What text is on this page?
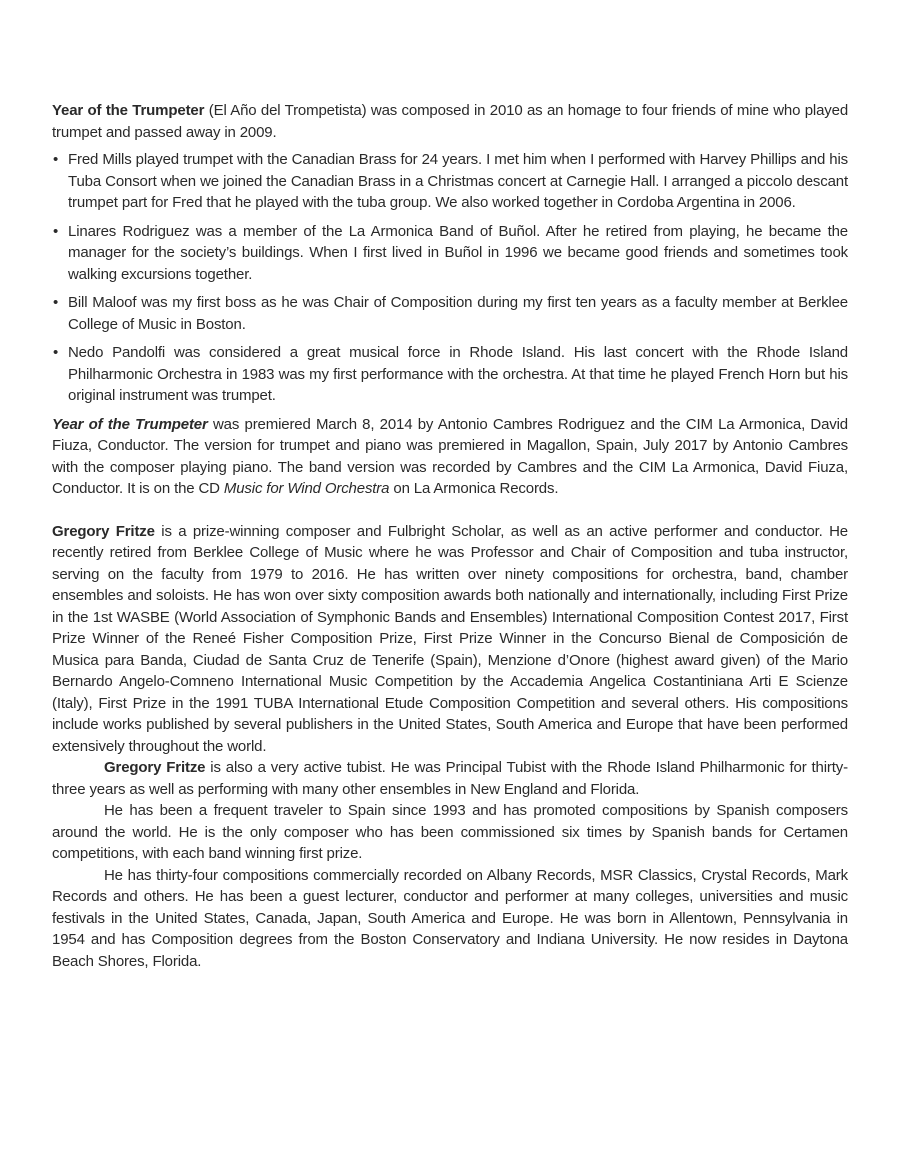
Year of the Trumpeter (El Año del Trompetista) was composed in 2010 as an homage to four friends of mine who played trumpet and passed away in 2009.

• Fred Mills played trumpet with the Canadian Brass for 24 years. I met him when I performed with Harvey Phillips and his Tuba Consort when we joined the Canadian Brass in a Christmas concert at Carnegie Hall. I arranged a piccolo descant trumpet part for Fred that he played with the tuba group. We also worked together in Cordoba Argentina in 2006.
• Linares Rodriguez was a member of the La Armonica Band of Buñol. After he retired from playing, he became the manager for the society’s buildings. When I first lived in Buñol in 1996 we became good friends and sometimes took walking excursions together.
• Bill Maloof was my first boss as he was Chair of Composition during my first ten years as a faculty member at Berklee College of Music in Boston.
• Nedo Pandolfi was considered a great musical force in Rhode Island. His last concert with the Rhode Island Philharmonic Orchestra in 1983 was my first performance with the orchestra. At that time he played French Horn but his original instrument was trumpet.

Year of the Trumpeter was premiered March 8, 2014 by Antonio Cambres Rodriguez and the CIM La Armonica, David Fiuza, Conductor. The version for trumpet and piano was premiered in Magallon, Spain, July 2017 by Antonio Cambres with the composer playing piano. The band version was recorded by Cambres and the CIM La Armonica, David Fiuza, Conductor. It is on the CD Music for Wind Orchestra on La Armonica Records.

Gregory Fritze is a prize-winning composer and Fulbright Scholar, as well as an active performer and conductor. He recently retired from Berklee College of Music where he was Professor and Chair of Composition and tuba instructor, serving on the faculty from 1979 to 2016. He has written over ninety compositions for orchestra, band, chamber ensembles and soloists. He has won over sixty composition awards both nationally and internationally, including First Prize in the 1st WASBE (World Association of Symphonic Bands and Ensembles) International Composition Contest 2017, First Prize Winner of the Reneé Fisher Composition Prize, First Prize Winner in the Concurso Bienal de Composición de Musica para Banda, Ciudad de Santa Cruz de Tenerife (Spain), Menzione d’Onore (highest award given) of the Mario Bernardo Angelo-Comneno International Music Competition by the Accademia Angelica Costantiniana Arti E Scienze (Italy), First Prize in the 1991 TUBA International Etude Composition Competition and several others. His compositions include works published by several publishers in the United States, South America and Europe that have been performed extensively throughout the world.

Gregory Fritze is also a very active tubist. He was Principal Tubist with the Rhode Island Philharmonic for thirty-three years as well as performing with many other ensembles in New England and Florida.

He has been a frequent traveler to Spain since 1993 and has promoted compositions by Spanish composers around the world. He is the only composer who has been commissioned six times by Spanish bands for Certamen competitions, with each band winning first prize.

He has thirty-four compositions commercially recorded on Albany Records, MSR Classics, Crystal Records, Mark Records and others. He has been a guest lecturer, conductor and performer at many colleges, universities and music festivals in the United States, Canada, Japan, South America and Europe. He was born in Allentown, Pennsylvania in 1954 and has Composition degrees from the Boston Conservatory and Indiana University. He now resides in Daytona Beach Shores, Florida.
